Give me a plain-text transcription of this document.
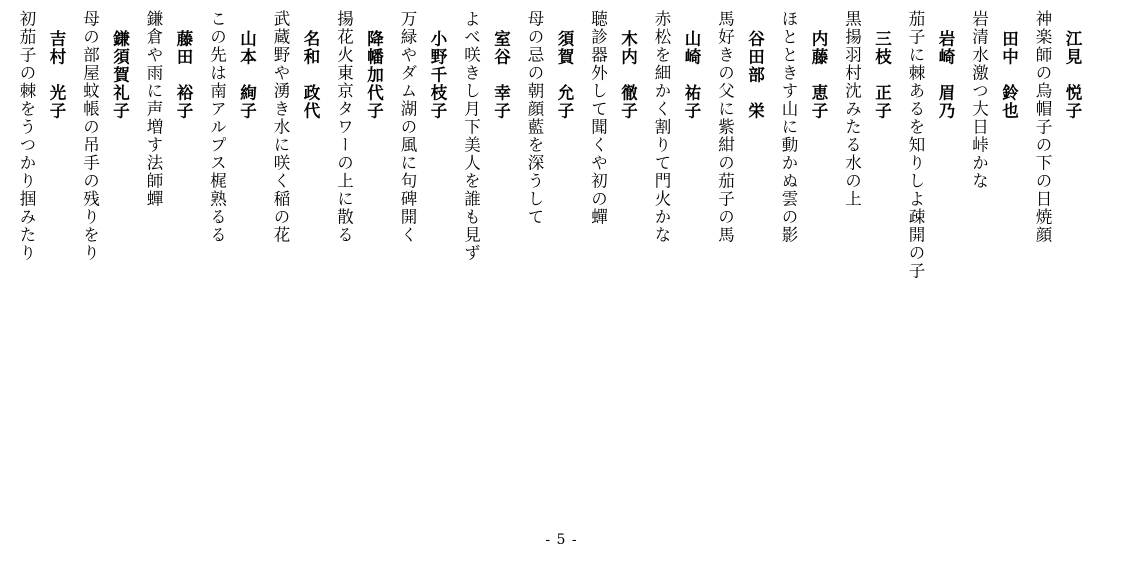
江見　悦子
神楽師の烏帽子の下の日焼顔
田中　鈴也
岩清水激つ大日峠かな
岩崎　眉乃
茄子に棘あるを知りしよ疎開の子
三枝　正子
黒揚羽村沈みたる水の上
内藤　恵子
ほとときす山に動かぬ雲の影
谷田部　栄
馬好きの父に紫紺の茄子の馬
山崎　祐子
赤松を細かく割りて門火かな
木内　徹子
聴診器外して聞くや初の蟬
須賀　允子
母の忌の朝顔藍を深うして
室谷　幸子
よべ咲きし月下美人を誰も見ず
小野千枝子
万緑やダム湖の風に句碑開く
降幡加代子
揚花火東京タワーの上に散る
名和　政代
武蔵野や湧き水に咲く稲の花
山本　絢子
この先は南アルプス梶熟るる
藤田　裕子
鎌倉や雨に声増す法師蟬
鎌須賀礼子
母の部屋蚊帳の吊手の残りをり
吉村　光子
初茄子の棘をうつかり掴みたり
- 5 -
